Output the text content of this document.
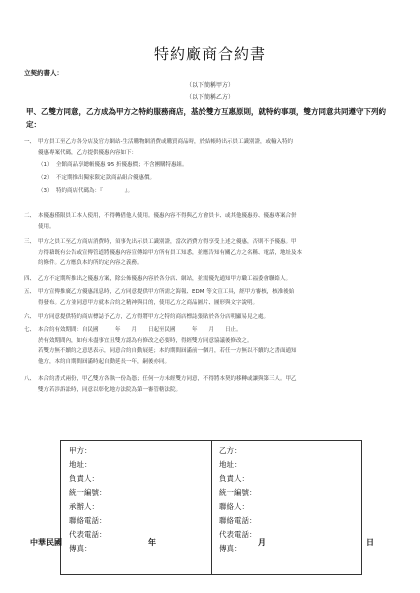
特約廠商合約書
立契約書人：
（以下簡稱甲方）
（以下簡稱乙方）
甲、乙雙方同意，乙方成為甲方之特約服務商店，基於雙方互惠原則，就特約事項，雙方同意共同遵守下列約定：
一、 甲方員工至乙方各分店及官方網站-生活購物網消費或購買商品時，於結帳時出示員工識別證，或輸入特約
優惠專案代碼，乙方提供優惠內容如下：
（1） 全館商品享總帳優惠 95 折優惠價；不含團購特惠組。
（2） 不定期推出獨家限定款商品組合優惠價。
（3） 特約商店代碼為：『　　　　』。
二、 本優惠僅限員工本人使用，不得轉借他人使用。優惠內容不得與乙方會員卡、或其他優惠券、優惠專案合併
使用。
三、 甲方之員工至乙方商店消費時，須事先出示員工識別證，當次消費方得享受上述之優惠，否則不予優惠。甲
方得藉既有公告或宣傳管道將優惠內容宣傳給甲方所有員工知悉，並應告知有關乙方之名稱、電話，地址及本
約條件。乙方應負本約所約定內容之義務。
四、 乙方不定期所推出之優惠方案，除公佈優惠內容於各分店、網站，並需優先通知甲方職工福委會聯絡人。
五、 甲方宣傳推廣乙方優惠訊息時，乙方同意提供甲方所需之海報、EDM 等文宣工具，經甲方審核，核准後始
得發布。乙方並同意甲方就本合約之精神與目的，使用乙方之商品圖片、圖形與文字說明。
六、 甲方同意提供特約商店標誌予乙方，乙方得將甲方之特約商店標誌張貼於各分店明顯易見之處。
七、 本合約有效期間：自民國　　　年　　月　　日起至民國　　　年　　月　　日止。
於有效期間內，如有未盡事宜且雙方認為有修改之必要時，得經雙方同意協議後修改之。
若雙方無不續約之意思表示，同意合約自動展延；本約期間屆滿前一個月，若任一方無以不續約之書面通知
他方，本約自期間屆滿時起自動延長一年，嗣後亦同。
八、 本合約書式兩份，甲乙雙方各執一份為憑；任何一方未經雙方同意，不得將本契約移轉或讓與第三人。甲乙
雙方若涉訴訟時，同意以彰化地方法院為第一審管轄法院。
甲方：
地址：
負責人：
統一編號：
承辦人：
聯絡電話：
代表電話：
傳真：
乙方：
地址：
負責人：
統一編號：
聯絡人：
聯絡電話：
代表電話：
傳真：
中華民國	年	月	日
